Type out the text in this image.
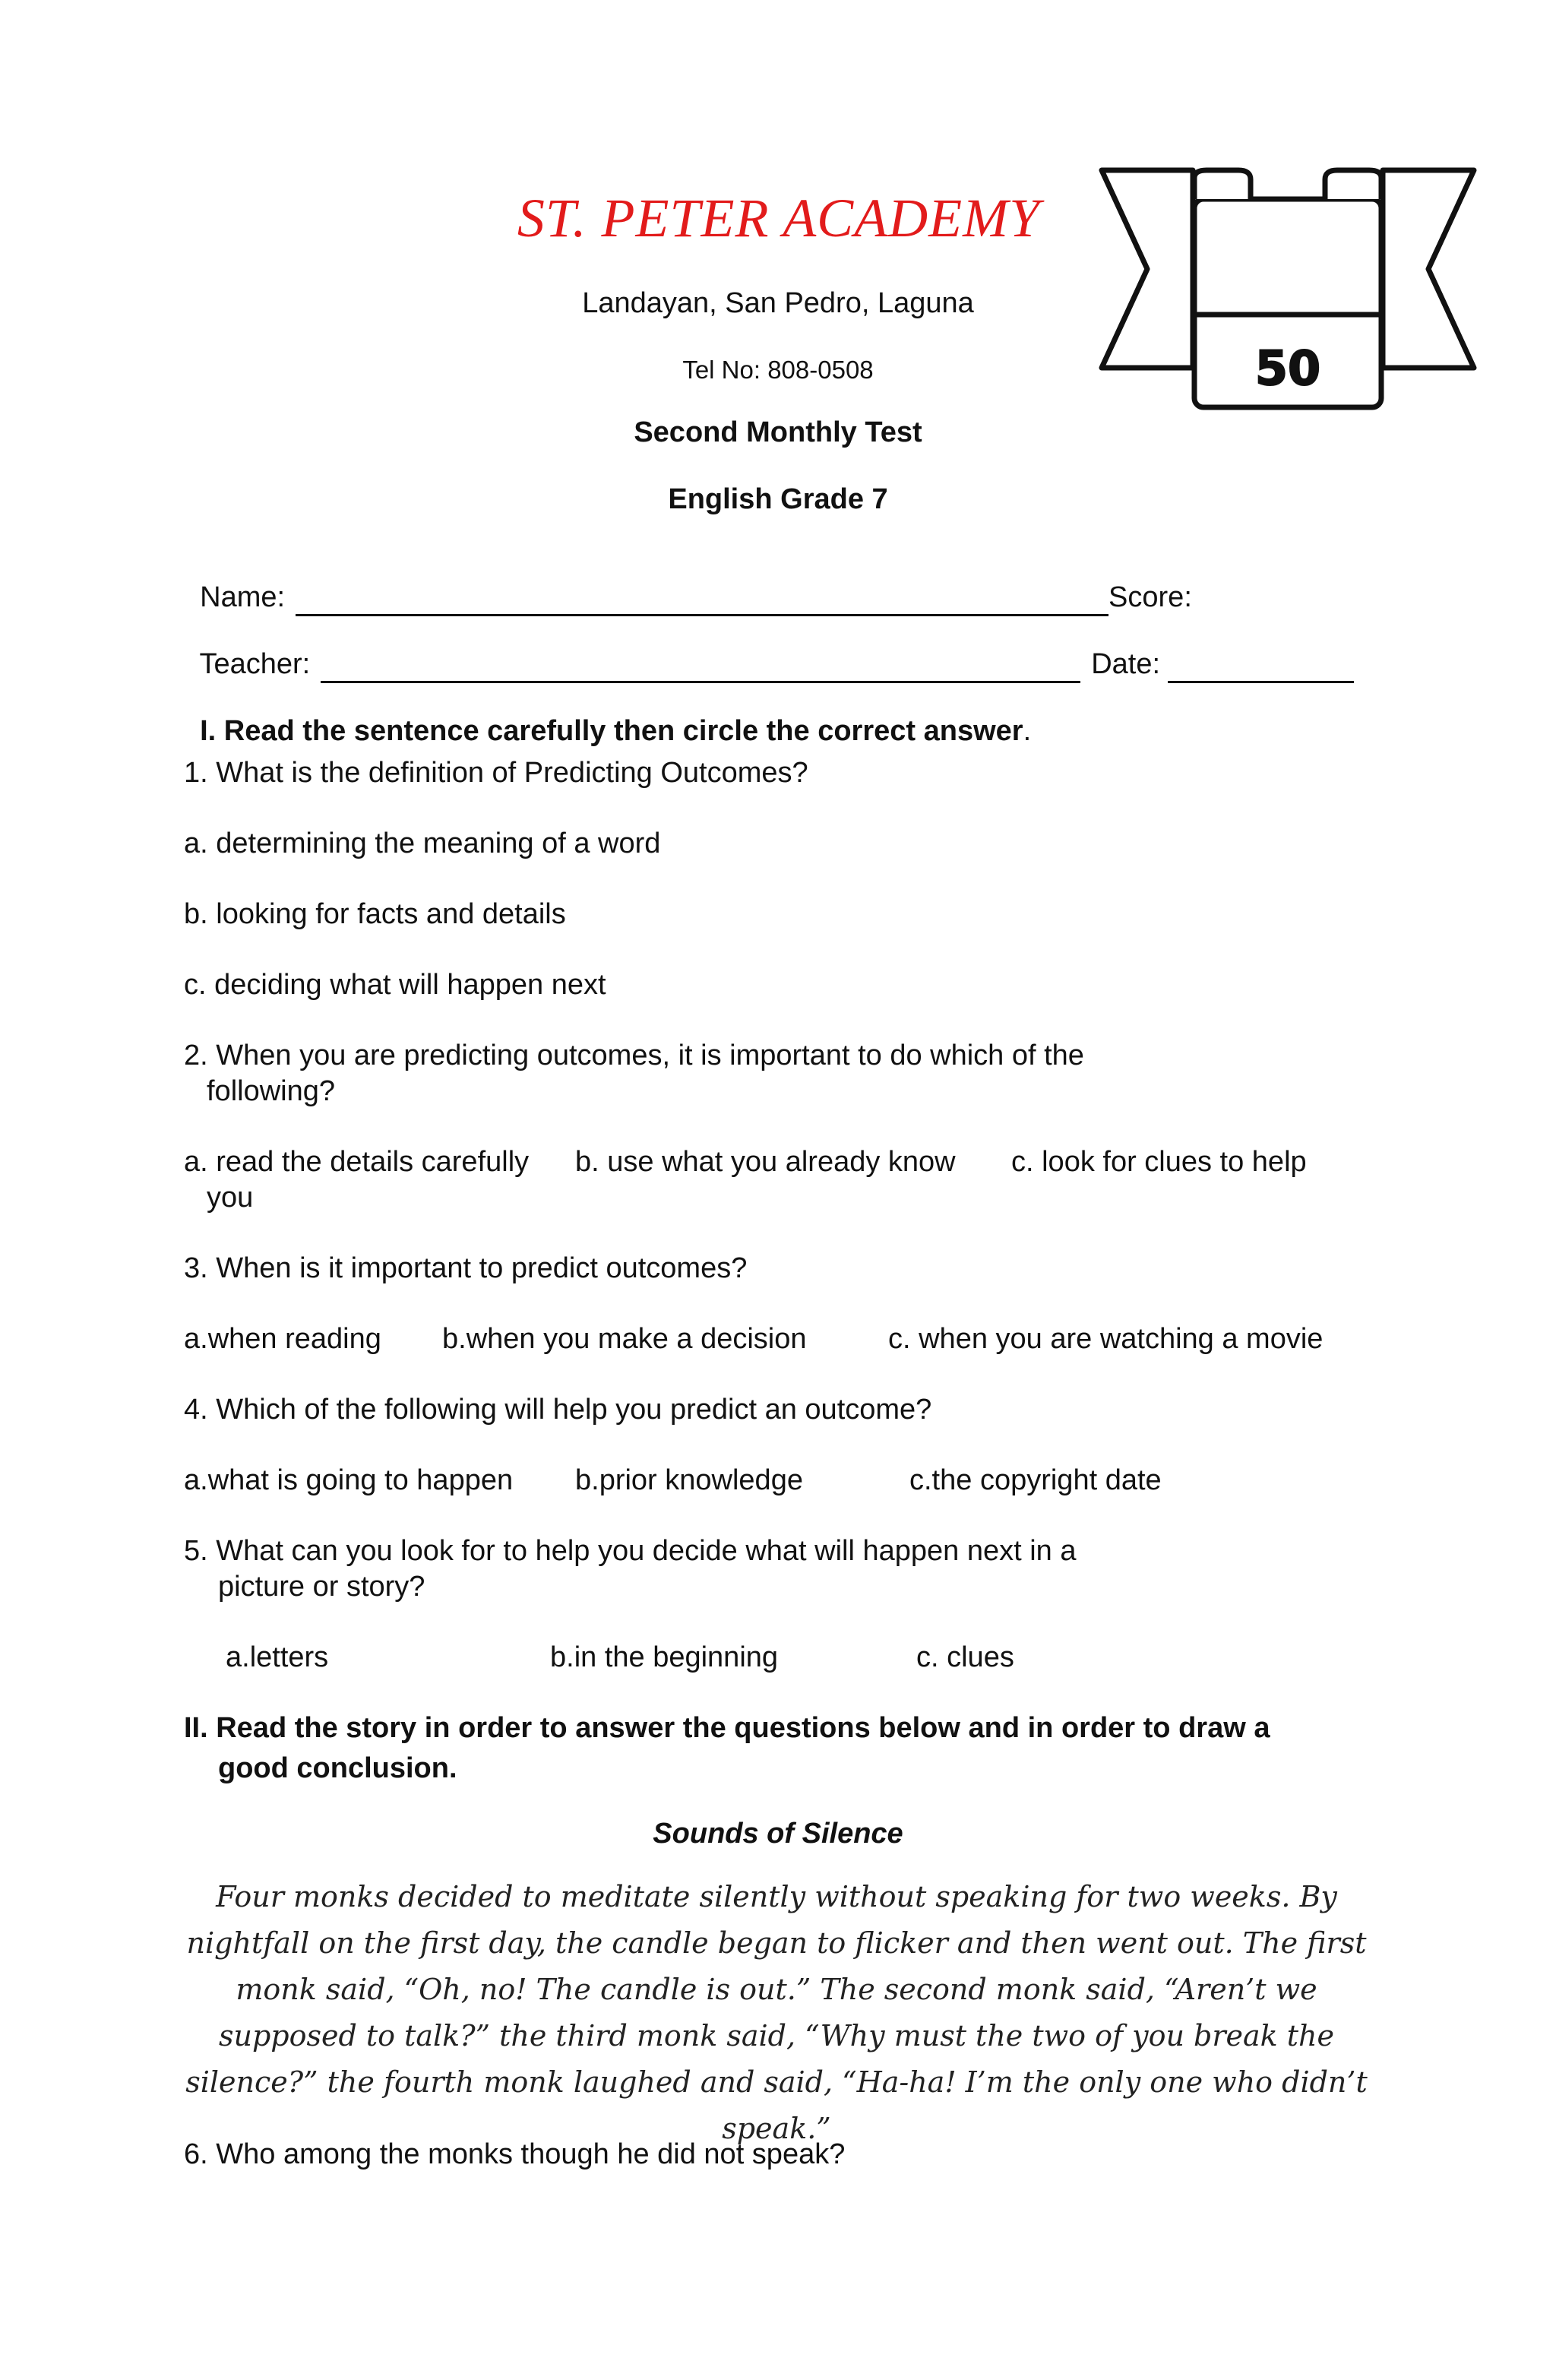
ST. PETER ACADEMY
50
Landayan, San Pedro, Laguna
Tel No: 808-0508
Second Monthly Test
English Grade 7

Name:	Score:

Teacher:	Date:

I. Read the sentence carefully then circle the correct answer.

1. What is the definition of Predicting Outcomes?
a. determining the meaning of a word
b. looking for facts and details
c. deciding what will happen next
2. When you are predicting outcomes, it is important to do which of the
following?
a. read the details carefully b. use what you already know c. look for clues to help
you
3. When is it important to predict outcomes?
a.when reading b.when you make a decision	c. when you are watching a movie
4. Which of the following will help you predict an outcome?
a.what is going to happen b.prior knowledge	c.the copyright date
5. What can you look for to help you decide what will happen next in a
picture or story?
a.letters	b.in the beginning	c. clues
II. Read the story in order to answer the questions below and in order to draw a
good conclusion.
Sounds of Silence
Four monks decided to meditate silently without speaking for two weeks. By nightfall on the first day, the candle began to flicker and then went out. The first monk said, “Oh, no! The candle is out.” The second monk said, “Aren’t we supposed to talk?” the third monk said, “Why must the two of you break the silence?” the fourth monk laughed and said, “Ha-ha! I’m the only one who didn’t speak.”
6. Who among the monks though he did not speak?
